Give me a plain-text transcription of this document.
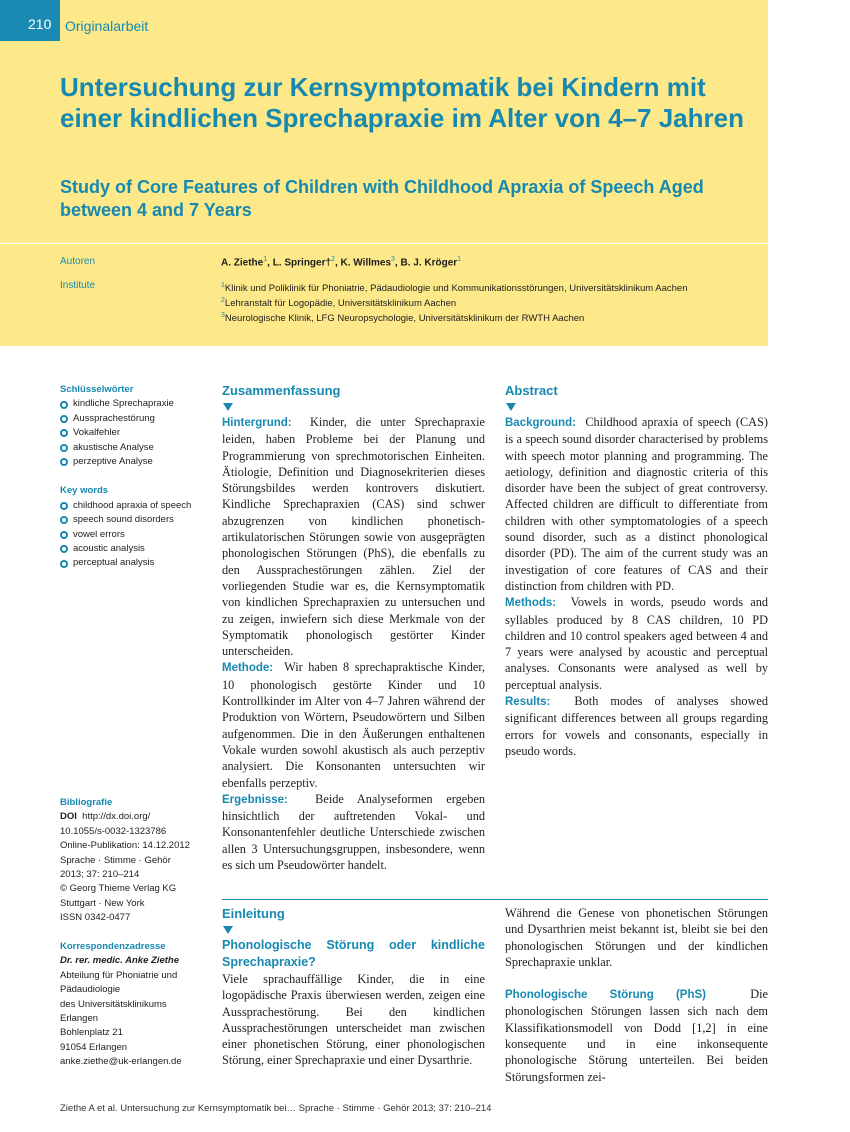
210 Originalarbeit
Untersuchung zur Kernsymptomatik bei Kindern mit einer kindlichen Sprechapraxie im Alter von 4–7 Jahren
Study of Core Features of Children with Childhood Apraxia of Speech Aged between 4 and 7 Years
Autoren	A. Ziethe$^1$, L. Springer†$^2$, K. Willmes$^3$, B. J. Kröger$^1$
Institute	$^1$Klinik und Poliklinik für Phoniatrie, Pädaudiologie und Kommunikationsstörungen, Universitätsklinikum Aachen
$^2$Lehranstalt für Logopädie, Universitätsklinikum Aachen
$^3$Neurologische Klinik, LFG Neuropsychologie, Universitätsklinikum der RWTH Aachen
Schlüsselwörter
kindliche Sprechapraxie
Aussprachestörung
Vokalfehler
akustische Analyse
perzeptive Analyse
Key words
childhood apraxia of speech
speech sound disorders
vowel errors
acoustic analysis
perceptual analysis
Bibliografie
DOI http://dx.doi.org/
10.1055/s-0032-1323786
Online-Publikation: 14.12.2012
Sprache · Stimme · Gehör
2013; 37: 210–214
© Georg Thieme Verlag KG
Stuttgart · New York
ISSN 0342-0477
Korrespondenzadresse
Dr. rer. medic. Anke Ziethe
Abteilung für Phoniatrie und
Pädaudiologie
des Universitätsklinikums
Erlangen
Bohlenplatz 21
91054 Erlangen
anke.ziethe@uk-erlangen.de
Zusammenfassung

Hintergrund: Kinder, die unter Sprechapraxie leiden, haben Probleme bei der Planung und Programmierung von sprechmotorischen Einheiten. Ätiologie, Definition und Diagnosekriterien dieses Störungsbildes werden kontrovers diskutiert. Kindliche Sprechapraxien (CAS) sind schwer abzugrenzen von kindlichen phonetisch-artikulatorischen Störungen sowie von ausgeprägten phonologischen Störungen (PhS), die ebenfalls zu den Aussprachestörungen zählen. Ziel der vorliegenden Studie war es, die Kernsymptomatik von kindlichen Sprechapraxien zu untersuchen und zu zeigen, inwiefern sich diese Merkmale von der Symptomatik phonologisch gestörter Kinder unterscheiden.

Methode: Wir haben 8 sprechapraktische Kinder, 10 phonologisch gestörte Kinder und 10 Kontrollkinder im Alter von 4–7 Jahren während der Produktion von Wörtern, Pseudowörtern und Silben aufgenommen. Die in den Äußerungen enthaltenen Vokale wurden sowohl akustisch als auch perzeptiv analysiert. Die Konsonanten untersuchten wir ebenfalls perzeptiv.

Ergebnisse: Beide Analyseformen ergeben hinsichtlich der auftretenden Vokal- und Konsonantenfehler deutliche Unterschiede zwischen allen 3 Untersuchungsgruppen, insbesondere, wenn es sich um Pseudowörter handelt.

Abstract

Background: Childhood apraxia of speech (CAS) is a speech sound disorder characterised by problems with speech motor planning and programming. The aetiology, definition and diagnostic criteria of this disorder have been the subject of great controversy. Affected children are difficult to differentiate from children with other symptomatologies of a speech sound disorder, such as a distinct phonological disorder (PD). The aim of the current study was an investigation of core features of CAS and their distinction from children with PD.

Methods: Vowels in words, pseudo words and syllables produced by 8 CAS children, 10 PD children and 10 control speakers aged between 4 and 7 years were analysed by acoustic and perceptual analyses. Consonants were analysed as well by perceptual analysis.

Results: Both modes of analyses showed significant differences between all groups regarding errors for vowels and consonants, especially in pseudo words.

Einleitung
Phonologische Störung oder kindliche Sprechapraxie?

Viele sprachauffällige Kinder, die in eine logopädische Praxis überwiesen werden, zeigen eine Aussprachestörung. Bei den kindlichen Aussprachestörungen unterscheidet man zwischen einer phonetischen Störung, einer phonologischen Störung, einer Sprechapraxie und einer Dysarthrie.

Während die Genese von phonetischen Störungen und Dysarthrien meist bekannt ist, bleibt sie bei den phonologischen Störungen und der kindlichen Sprechapraxie unklar.

Phonologische Störung (PhS)	Die phonologischen Störungen lassen sich nach dem Klassifikationsmodell von Dodd [1,2] in eine konsequente und in eine inkonsequente phonologische Störung unterteilen. Bei beiden Störungsformen zei-

Ziethe A et al. Untersuchung zur Kernsymptomatik bei… Sprache · Stimme · Gehör 2013; 37: 210–214
